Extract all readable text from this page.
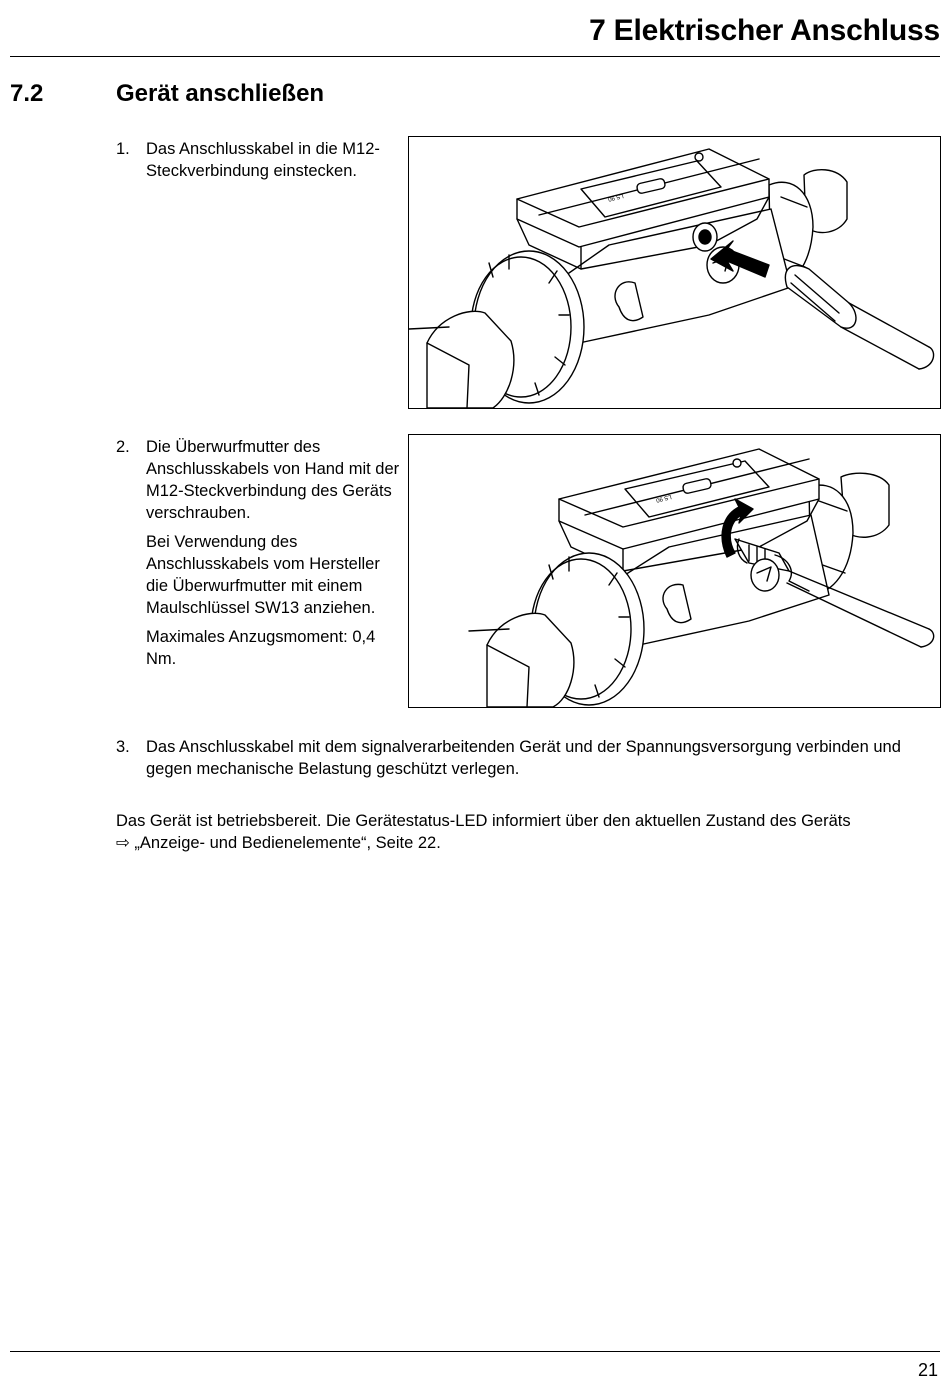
7 Elektrischer Anschluss
7.2	Gerät anschließen
1. Das Anschlusskabel in die M12-Steckverbindung einstecken.

LS 90
2. Die Überwurfmutter des Anschlusskabels von Hand mit der M12-Steckverbindung des Geräts verschrauben.

Bei Verwendung des Anschlusskabels vom Hersteller die Überwurfmutter mit einem Maulschlüssel SW13 anziehen.

Maximales Anzugsmoment: 0,4 Nm.

LS 90
3. Das Anschlusskabel mit dem signalverarbeitenden Gerät und der Spannungsversorgung verbinden und gegen mechanische Belastung geschützt verlegen.

Das Gerät ist betriebsbereit. Die Gerätestatus-LED informiert über den aktuellen Zustand des Geräts
⇨ „Anzeige- und Bedienelemente“, Seite 22.

21
